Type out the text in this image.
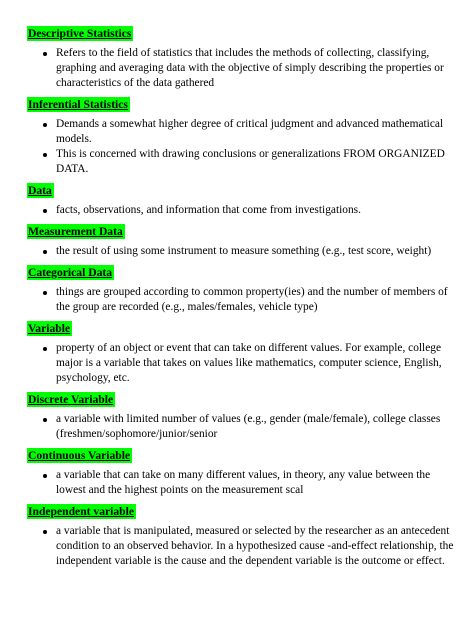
Descriptive Statistics
Refers to the field of statistics that includes the methods of collecting, classifying, graphing and averaging data with the objective of simply describing the properties or characteristics of the data gathered
Inferential Statistics
Demands a somewhat higher degree of critical judgment and advanced mathematical models.
This is concerned with drawing conclusions or generalizations FROM ORGANIZED DATA.
Data
facts, observations, and information that come from investigations.
Measurement Data
the result of using some instrument to measure something (e.g., test score, weight)
Categorical Data
things are grouped according to common property(ies) and the number of members of the group are recorded (e.g., males/females, vehicle type)
Variable
property of an object or event that can take on different values. For example, college major is a variable that takes on values like mathematics, computer science, English, psychology, etc.
Discrete Variable
a variable with limited number of values (e.g., gender (male/female), college classes (freshmen/sophomore/junior/senior
Continuous Variable
a variable that can take on many different values, in theory, any value between the lowest and the highest points on the measurement scal
Independent variable
a variable that is manipulated, measured or selected by the researcher as an antecedent condition to an observed behavior. In a hypothesized cause -and-effect relationship, the independent variable is the cause and the dependent variable is the outcome or effect.
